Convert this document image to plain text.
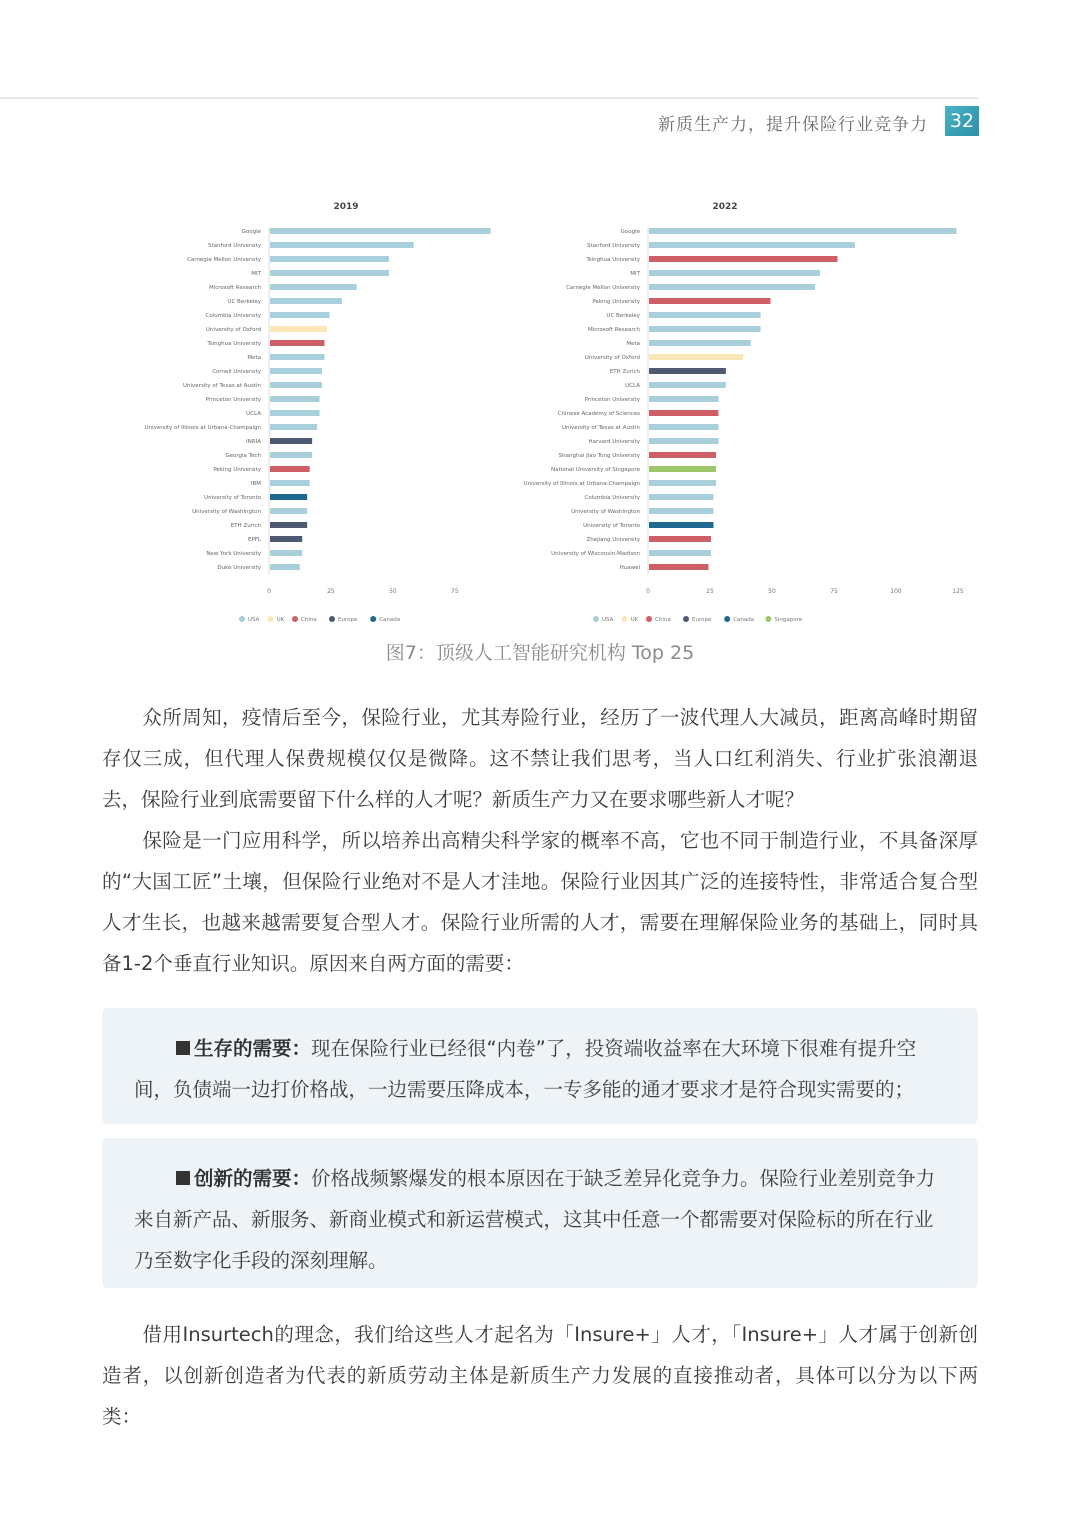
新质生产力，提升保险行业竞争力 32
2019
Google
Stanford University
Carnegie Mellon University
MIT
Microsoft Research
UC Berkeley
Columbia University
University of Oxford
Tsinghua University
Meta
Cornell University
University of Texas at Austin
Princeton University
UCLA
University of Illinois at Urbana-Champaign
INRIA
Georgia Tech
Peking University
IBM
University of Toronto
University of Washington
ETH Zurich
EPFL
New York University
Duke University
0	25	50	75
USA	UK	China	Europe	Canada
2022
Google
Stanford University
Tsinghua University
MIT
Carnegie Mellon University
Peking University
UC Berkeley
Microsoft Research
Meta
University of Oxford
ETH Zurich
UCLA
Princeton University
Chinese Academy of Sciences
University of Texas at Austin
Harvard University
Shanghai Jiao Tong University
National University of Singapore
University of Illinois at Urbana-Champaign
Columbia University
University of Washington
University of Toronto
Zhejiang University
University of Wisconsin-Madison
Huawei
0	25	50	75	100	125
USA	UK	China	Europe	Canada	Singapore
图7：顶级人工智能研究机构 Top 25

众所周知，疫情后至今，保险行业，尤其寿险行业，经历了一波代理人大减员，距离高峰时期留存仅三成，但代理人保费规模仅仅是微降。这不禁让我们思考，当人口红利消失、行业扩张浪潮退去，保险行业到底需要留下什么样的人才呢？新质生产力又在要求哪些新人才呢？

保险是一门应用科学，所以培养出高精尖科学家的概率不高，它也不同于制造行业，不具备深厚的“大国工匠”土壤，但保险行业绝对不是人才洼地。保险行业因其广泛的连接特性，非常适合复合型人才生长，也越来越需要复合型人才。保险行业所需的人才，需要在理解保险业务的基础上，同时具备1-2个垂直行业知识。原因来自两方面的需要：

生存的需要：现在保险行业已经很“内卷”了，投资端收益率在大环境下很难有提升空间，负债端一边打价格战，一边需要压降成本，一专多能的通才要求才是符合现实需要的；
创新的需要：价格战频繁爆发的根本原因在于缺乏差异化竞争力。保险行业差别竞争力来自新产品、新服务、新商业模式和新运营模式，这其中任意一个都需要对保险标的所在行业乃至数字化手段的深刻理解。

借用Insurtech的理念，我们给这些人才起名为「Insure+」人才，「Insure+」人才属于创新创造者，以创新创造者为代表的新质劳动主体是新质生产力发展的直接推动者，具体可以分为以下两类：
